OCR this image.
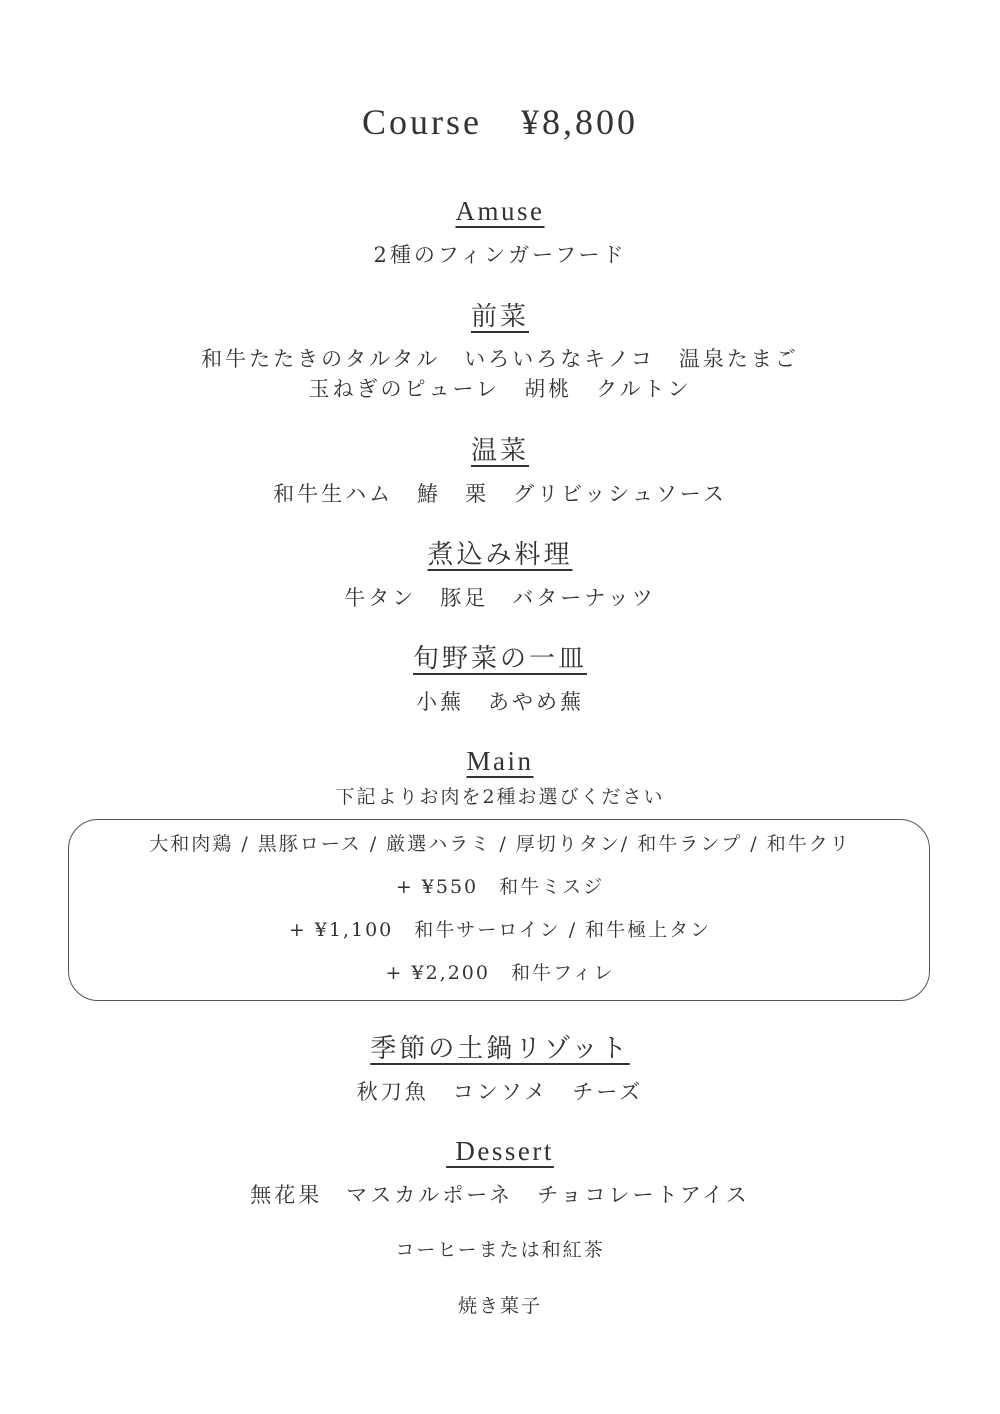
Course　¥8,800
Amuse
2種のフィンガーフード
前菜
和牛たたきのタルタル　いろいろなキノコ　温泉たまご
玉ねぎのピューレ　胡桃　クルトン
温菜
和牛生ハム　鰆　栗　グリビッシュソース
煮込み料理
牛タン　豚足　バターナッツ
旬野菜の一皿
小蕪　あやめ蕪
Main
下記よりお肉を2種お選びください
大和肉鶏 / 黒豚ロース / 厳選ハラミ / 厚切りタン/ 和牛ランプ / 和牛クリ
+ ¥550　和牛ミスジ
+ ¥1,100　和牛サーロイン / 和牛極上タン
+ ¥2,200　和牛フィレ
季節の土鍋リゾット
秋刀魚　コンソメ　チーズ
Dessert
無花果　マスカルポーネ　チョコレートアイス
コーヒーまたは和紅茶
焼き菓子
